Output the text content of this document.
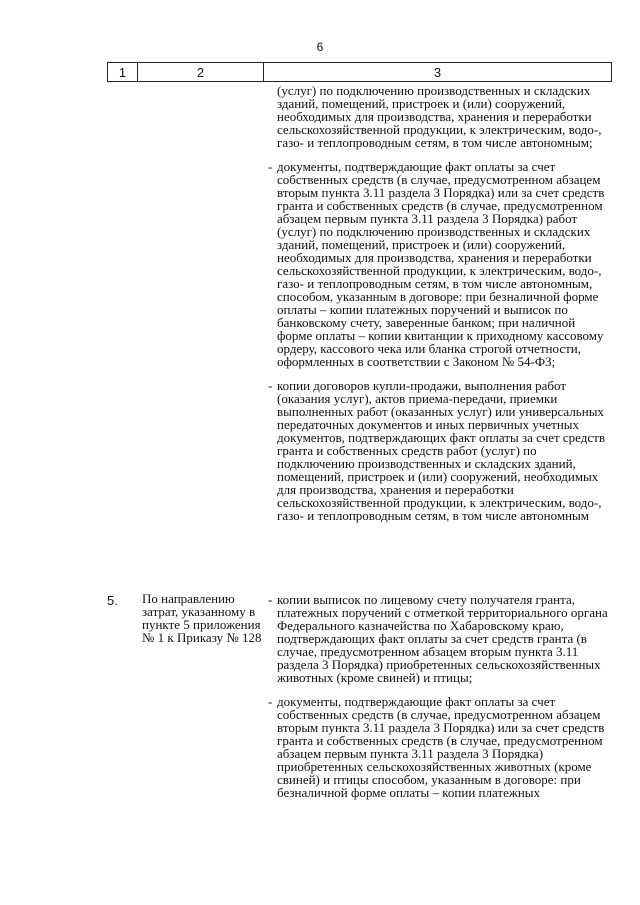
6
1	2	3
(услуг) по подключению производственных и складских зданий, помещений, пристроек и (или) сооружений, необходимых для производства, хранения и переработки сельскохозяйственной продукции, к электрическим, водо-, газо- и теплопроводным сетям, в том числе автономным;
- документы, подтверждающие факт оплаты за счет собственных средств (в случае, предусмотренном абзацем вторым пункта 3.11 раздела 3 Порядка) или за счет средств гранта и собственных средств (в случае, предусмотренном абзацем первым пункта 3.11 раздела 3 Порядка) работ (услуг) по подключению производственных и складских зданий, помещений, пристроек и (или) сооружений, необходимых для производства, хранения и переработки сельскохозяйственной продукции, к электрическим, водо-, газо- и теплопроводным сетям, в том числе автономным, способом, указанным в договоре: при безналичной форме оплаты – копии платежных поручений и выписок по банковскому счету, заверенные банком; при наличной форме оплаты – копии квитанции к приходному кассовому ордеру, кассового чека или бланка строгой отчетности, оформленных в соответствии с Законом № 54-ФЗ;
- копии договоров купли-продажи, выполнения работ (оказания услуг), актов приема-передачи, приемки выполненных работ (оказанных услуг) или универсальных передаточных документов и иных первичных учетных документов, подтверждающих факт оплаты за счет средств гранта и собственных средств работ (услуг) по подключению производственных и складских зданий, помещений, пристроек и (или) сооружений, необходимых для производства, хранения и переработки сельскохозяйственной продукции, к электрическим, водо-, газо- и теплопроводным сетям, в том числе автономным
5. По направлению затрат, указанному в пункте 5 приложения № 1 к Приказу № 128
- копии выписок по лицевому счету получателя гранта, платежных поручений с отметкой территориального органа Федерального казначейства по Хабаровскому краю, подтверждающих факт оплаты за счет средств гранта (в случае, предусмотренном абзацем вторым пункта 3.11 раздела 3 Порядка) приобретенных сельскохозяйственных животных (кроме свиней) и птицы;
- документы, подтверждающие факт оплаты за счет собственных средств (в случае, предусмотренном абзацем вторым пункта 3.11 раздела 3 Порядка) или за счет средств гранта и собственных средств (в случае, предусмотренном абзацем первым пункта 3.11 раздела 3 Порядка) приобретенных сельскохозяйственных животных (кроме свиней) и птицы способом, указанным в договоре: при безналичной форме оплаты – копии платежных
